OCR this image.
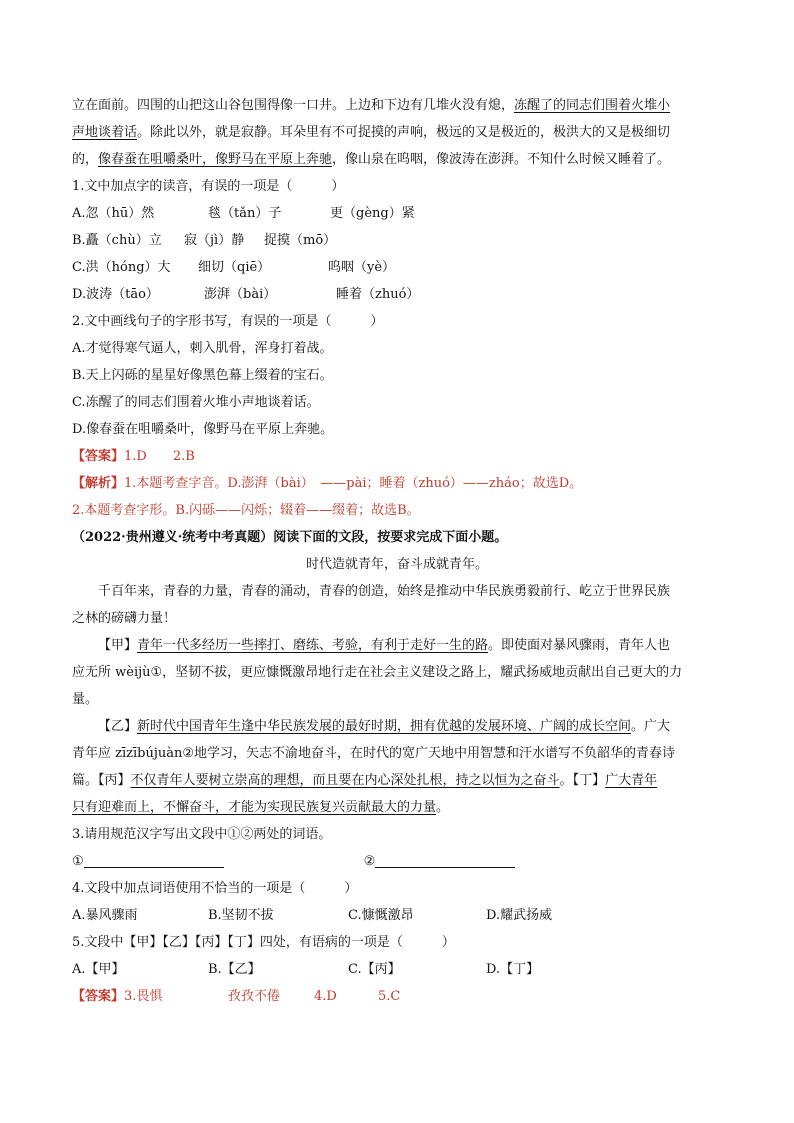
立在面前。四围的山把这山谷包围得像一口井。上边和下边有几堆火没有熄，冻醒了的同志们围着火堆小
声地谈着话。除此以外，就是寂静。耳朵里有不可捉摸的声响，极远的又是极近的，极洪大的又是极细切
的，像春蚕在咀嚼桑叶，像野马在平原上奔驰，像山泉在呜咽，像波涛在澎湃。不知什么时候又睡着了。
1.文中加点字的读音，有误的一项是（　　　）
A.忽（hū）然	毯（tǎn）子	更（gèng）紧
B.矗（chù）立 寂（jì）静 捉摸（mō）
C.洪（hóng）大 细切（qiē）	呜咽（yè）
D.波涛（tāo）	澎湃（bài）	睡着（zhuó）
2.文中画线句子的字形书写，有误的一项是（　　　）
A.才觉得寒气逼人，刺入肌骨，浑身打着战。
B.天上闪砾的星星好像黑色幕上缀着的宝石。
C.冻醒了的同志们围着火堆小声地谈着话。
D.像春蚕在咀嚼桑叶，像野马在平原上奔驰。
【答案】1.D　　2.B
【解析】1.本题考查字音。D.澎湃（bài）　——pài；睡着（zhuó）——zháo；故选D。
2.本题考查字形。B.闪砾——闪烁；辍着——缀着；故选B。
（2022·贵州遵义·统考中考真题）阅读下面的文段，按要求完成下面小题。
时代造就青年，奋斗成就青年。
千百年来，青春的力量，青春的涌动，青春的创造，始终是推动中华民族勇毅前行、屹立于世界民族
之林的磅礴力量！
【甲】青年一代多经历一些摔打、磨练、考验，有利于走好一生的路。即使面对暴风骤雨，青年人也
应无所 wèijù①，坚韧不拔，更应慷慨激昂地行走在社会主义建设之路上，耀武扬威地贡献出自己更大的力
量。
【乙】新时代中国青年生逢中华民族发展的最好时期，拥有优越的发展环境、广阔的成长空间。广大
青年应 zīzībújuàn②地学习，矢志不渝地奋斗，在时代的宽广天地中用智慧和汗水谱写不负韶华的青春诗
篇。【丙】不仅青年人要树立崇高的理想，而且要在内心深处扎根，持之以恒为之奋斗。【丁】广大青年
只有迎难而上，不懈奋斗，才能为实现民族复兴贡献最大的力量。
3.请用规范汉字写出文段中①②两处的词语。
①	②
4.文段中加点词语使用不恰当的一项是（　　　）
A.暴风骤雨	B.坚韧不拔	C.慷慨激昂	D.耀武扬威
5.文段中【甲】【乙】【丙】【丁】四处，有语病的一项是（　　　）
A.【甲】	B.【乙】	C.【丙】	D.【丁】
【答案】3.畏惧	孜孜不倦	4.D	5.C
